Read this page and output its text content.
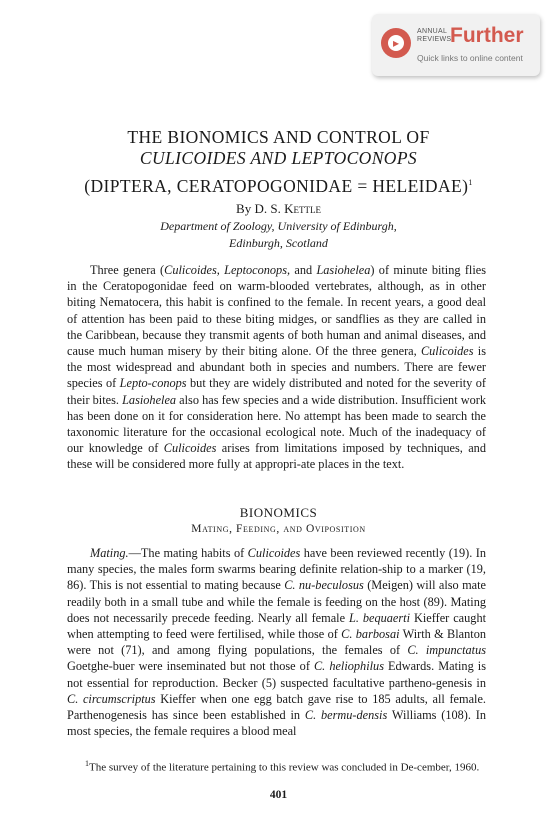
▸
ANNUAL
REVIEWS
Further
Quick links to online content
THE BIONOMICS AND CONTROL OF
CULICOIDES AND LEPTOCONOPS
(DIPTERA, CERATOPOGONIDAE = HELEIDAE)$^1$
By D. S. Kettle
Department of Zoology, University of Edinburgh,
Edinburgh, Scotland

Three genera (Culicoides, Leptoconops, and Lasiohelea) of minute biting flies in the Ceratopogonidae feed on warm-blooded vertebrates, although, as in other biting Nematocera, this habit is confined to the female. In recent years, a good deal of attention has been paid to these biting midges, or sandflies as they are called in the Caribbean, because they transmit agents of both human and animal diseases, and cause much human misery by their biting alone. Of the three genera, Culicoides is the most widespread and abundant both in species and numbers. There are fewer species of Lepto-conops but they are widely distributed and noted for the severity of their bites. Lasiohelea also has few species and a wide distribution. Insufficient work has been done on it for consideration here. No attempt has been made to search the taxonomic literature for the occasional ecological note. Much of the inadequacy of our knowledge of Culicoides arises from limitations imposed by techniques, and these will be considered more fully at appropri-ate places in the text.

BIONOMICS
Mating, Feeding, and Oviposition

Mating.—The mating habits of Culicoides have been reviewed recently (19). In many species, the males form swarms bearing definite relation-ship to a marker (19, 86). This is not essential to mating because C. nu-beculosus (Meigen) will also mate readily both in a small tube and while the female is feeding on the host (89). Mating does not necessarily precede feeding. Nearly all female L. bequaerti Kieffer caught when attempting to feed were fertilised, while those of C. barbosai Wirth & Blanton were not (71), and among flying populations, the females of C. impunctatus Goetghe-buer were inseminated but not those of C. heliophilus Edwards. Mating is not essential for reproduction. Becker (5) suspected facultative partheno-genesis in C. circumscriptus Kieffer when one egg batch gave rise to 185 adults, all female. Parthenogenesis has since been established in C. bermu-densis Williams (108). In most species, the female requires a blood meal

$^1$The survey of the literature pertaining to this review was concluded in De-cember, 1960.
401
